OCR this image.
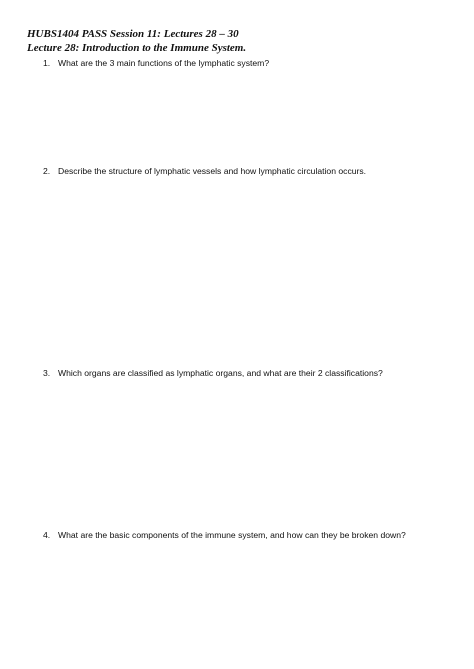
HUBS1404 PASS Session 11: Lectures 28 – 30
Lecture 28: Introduction to the Immune System.
1. What are the 3 main functions of the lymphatic system?
2. Describe the structure of lymphatic vessels and how lymphatic circulation occurs.
3. Which organs are classified as lymphatic organs, and what are their 2 classifications?
4. What are the basic components of the immune system, and how can they be broken down?
